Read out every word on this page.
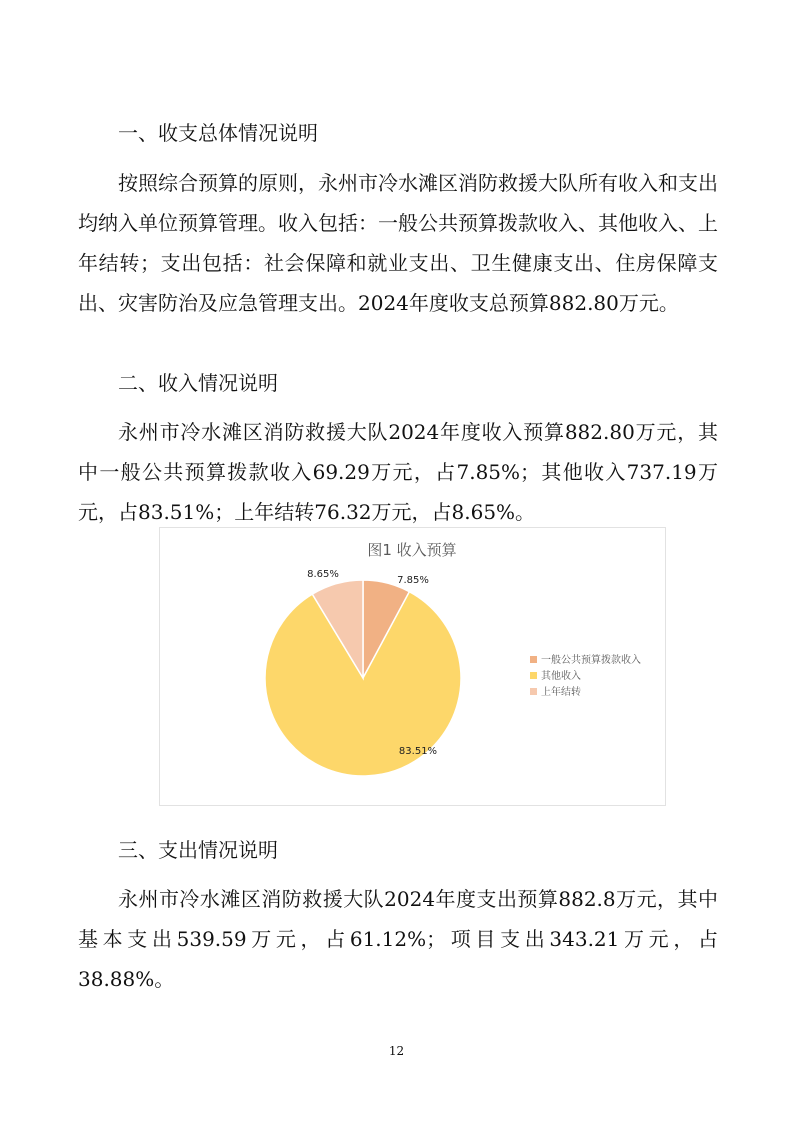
一、收支总体情况说明

按照综合预算的原则，永州市冷水滩区消防救援大队所有收入和支出均纳入单位预算管理。收入包括：一般公共预算拨款收入、其他收入、上年结转；支出包括：社会保障和就业支出、卫生健康支出、住房保障支出、灾害防治及应急管理支出。2024年度收支总预算882.80万元。

二、收入情况说明

永州市冷水滩区消防救援大队2024年度收入预算882.80万元，其中一般公共预算拨款收入69.29万元，占7.85%；其他收入737.19万元，占83.51%；上年结转76.32万元，占8.65%。

图1 收入预算
7.85%
83.51%
8.65%
一般公共预算拨款收入
其他收入
上年结转
三、支出情况说明

永州市冷水滩区消防救援大队2024年度支出预算882.8万元，其中基本支出539.59万元，占61.12%；项目支出343.21万元，占38.88%。

12
